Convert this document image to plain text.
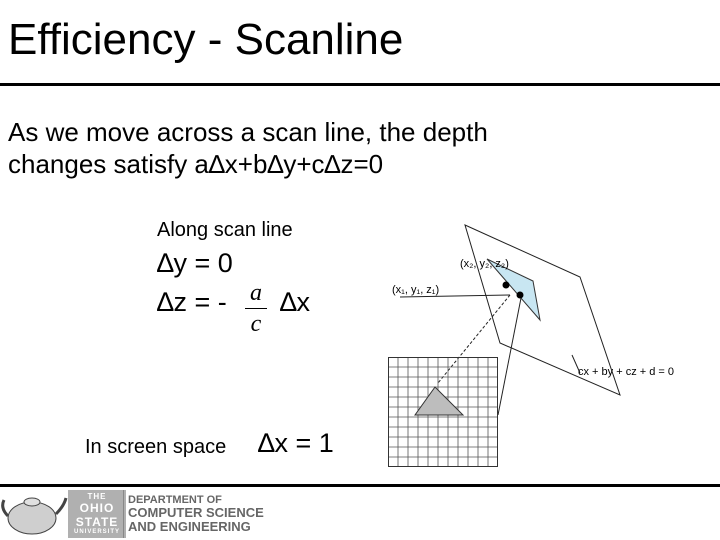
Efficiency - Scanline
As we move across a scan line, the depth
changes satisfy a∆x+b∆y+c∆z=0
Along scan line
∆y = 0
∆z = - a
c
∆x
In screen space ∆x = 1
(x₂, y₂, z₂)
(x₁, y₁, z₁)
cx + by + cz + d = 0
THE
OHIO
STATE
UNIVERSITY
DEPARTMENT OF
COMPUTER SCIENCE
AND ENGINEERING
